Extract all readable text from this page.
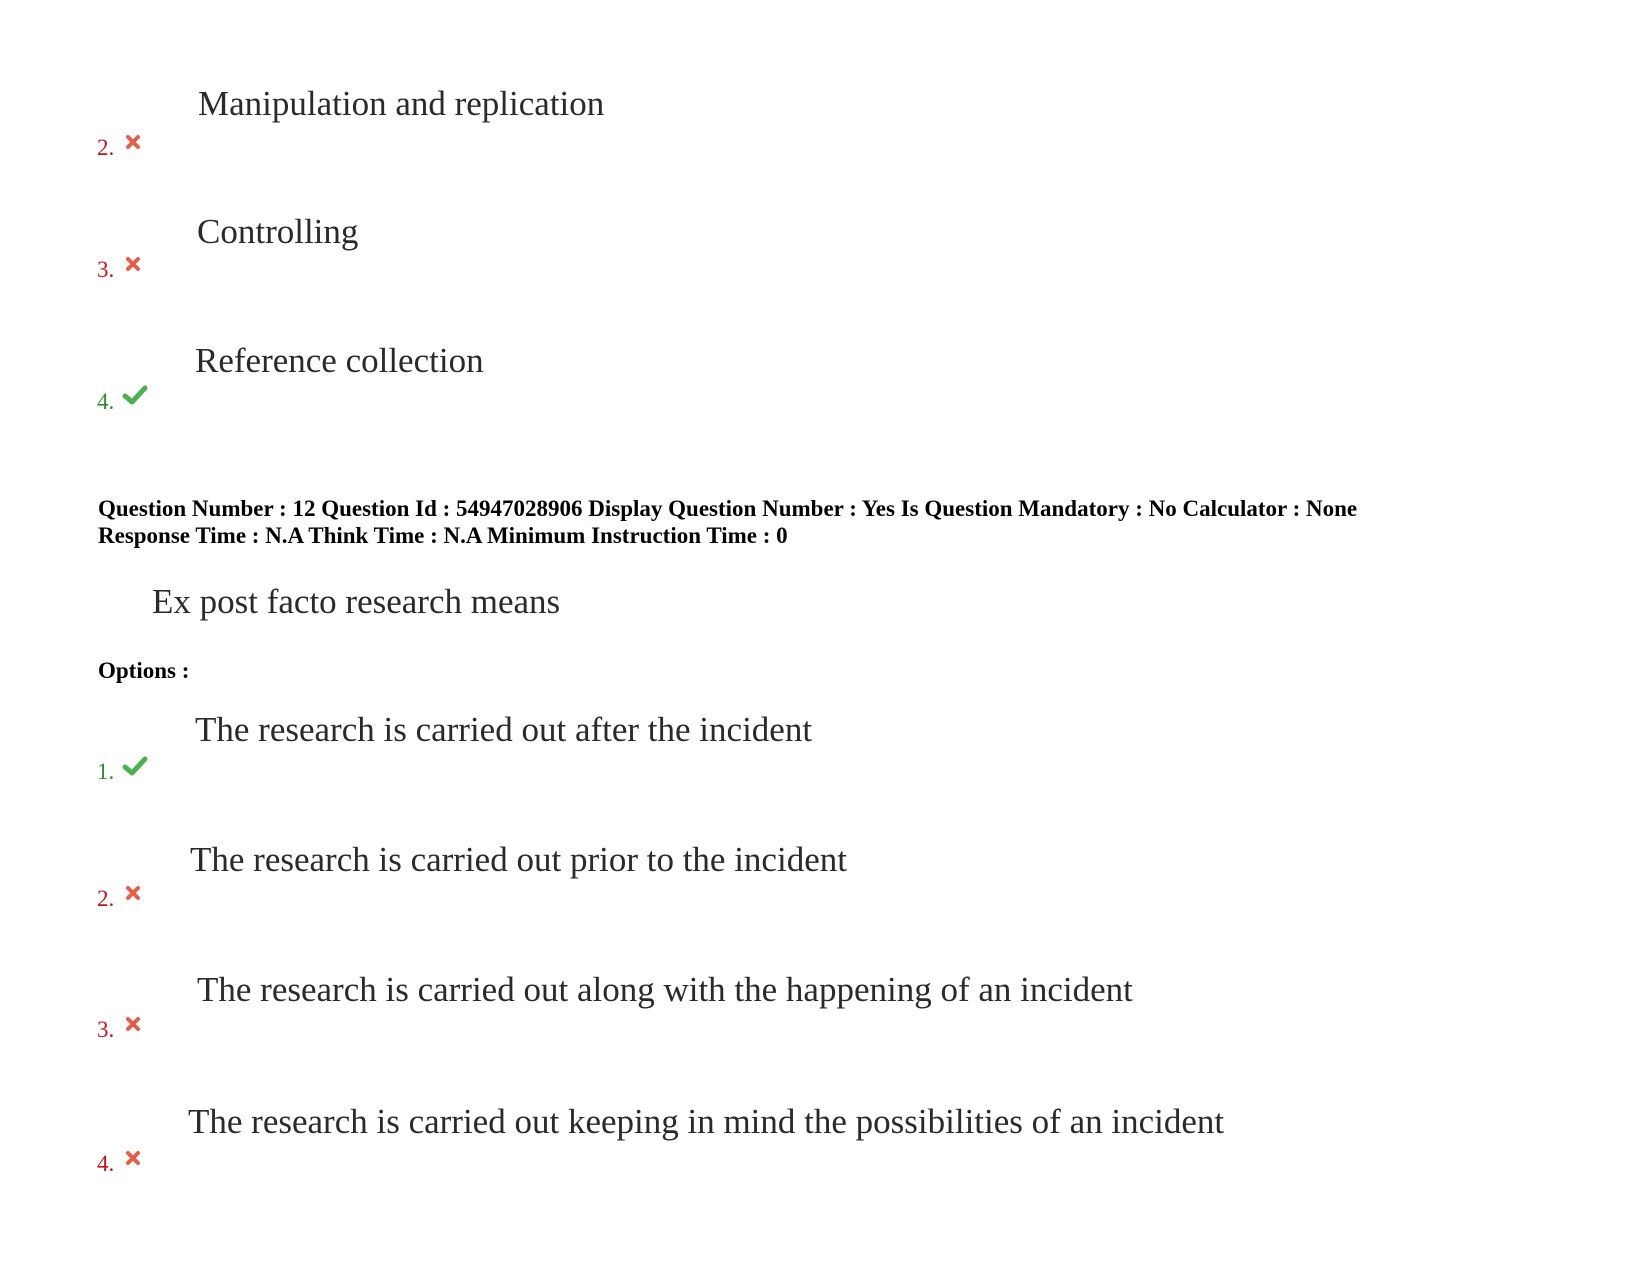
Manipulation and replication
2.
Controlling
3.
Reference collection
4.
Question Number : 12 Question Id : 54947028906 Display Question Number : Yes Is Question Mandatory : No Calculator : None
Response Time : N.A Think Time : N.A Minimum Instruction Time : 0
Ex post facto research means
Options :
The research is carried out after the incident
1.
The research is carried out prior to the incident
2.
The research is carried out along with the happening of an incident
3.
The research is carried out keeping in mind the possibilities of an incident
4.
